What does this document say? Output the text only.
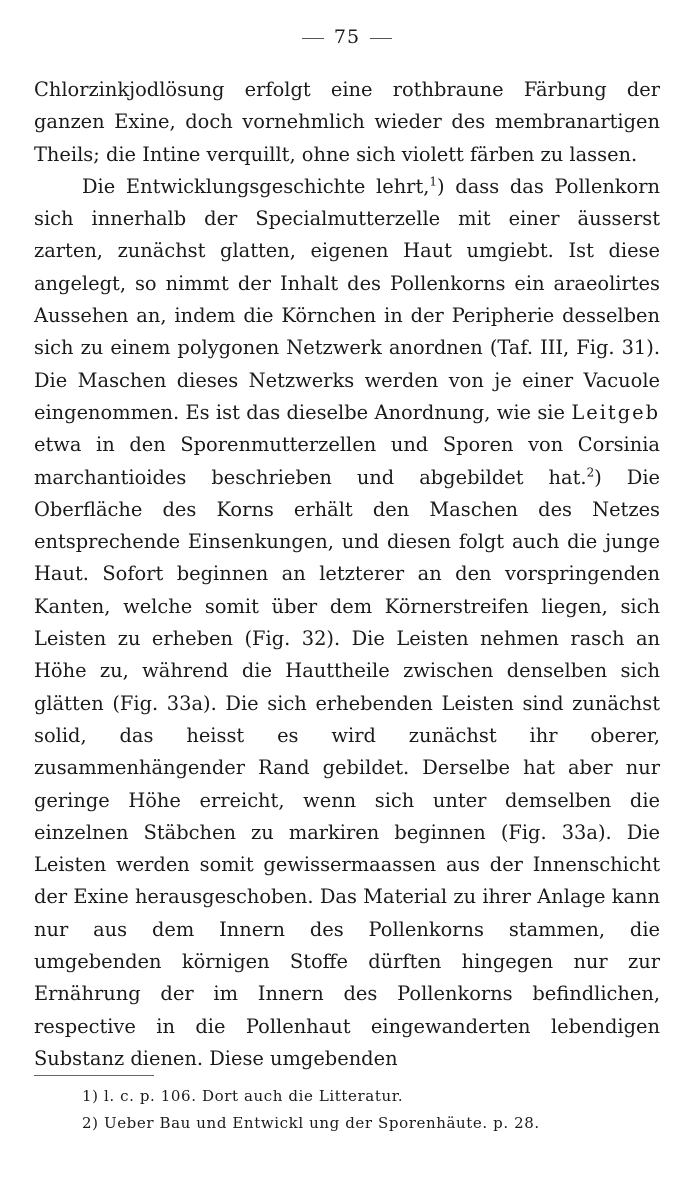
75

Chlorzinkjodlösung erfolgt eine rothbraune Färbung der ganzen Exine, doch vornehmlich wieder des membranartigen Theils; die Intine verquillt, ohne sich violett färben zu lassen.

Die Entwicklungsgeschichte lehrt,$^1$) dass das Pollenkorn sich innerhalb der Specialmutterzelle mit einer äusserst zarten, zunächst glatten, eigenen Haut umgiebt. Ist diese angelegt, so nimmt der Inhalt des Pollenkorns ein araeolirtes Aussehen an, indem die Körnchen in der Peripherie desselben sich zu einem polygonen Netzwerk anordnen (Taf. III, Fig. 31). Die Maschen dieses Netzwerks werden von je einer Vacuole eingenommen. Es ist das dieselbe Anordnung, wie sie Leitgeb etwa in den Sporenmutterzellen und Sporen von Corsinia marchantioides beschrieben und abgebildet hat.$^2$) Die Oberfläche des Korns erhält den Maschen des Netzes entsprechende Einsenkungen, und diesen folgt auch die junge Haut. Sofort beginnen an letzterer an den vorspringenden Kanten, welche somit über dem Körnerstreifen liegen, sich Leisten zu erheben (Fig. 32). Die Leisten nehmen rasch an Höhe zu, während die Hauttheile zwischen denselben sich glätten (Fig. 33a). Die sich erhebenden Leisten sind zunächst solid, das heisst es wird zunächst ihr oberer, zusammenhängender Rand gebildet. Derselbe hat aber nur geringe Höhe erreicht, wenn sich unter demselben die einzelnen Stäbchen zu markiren beginnen (Fig. 33a). Die Leisten werden somit gewissermaassen aus der Innenschicht der Exine herausgeschoben. Das Material zu ihrer Anlage kann nur aus dem Innern des Pollenkorns stammen, die umgebenden körnigen Stoffe dürften hingegen nur zur Ernährung der im Innern des Pollenkorns befindlichen, respective in die Pollenhaut eingewanderten lebendigen Substanz dienen. Diese umgebenden

1) l. c. p. 106. Dort auch die Litteratur.
2) Ueber Bau und Entwickl ung der Sporenhäute. p. 28.
